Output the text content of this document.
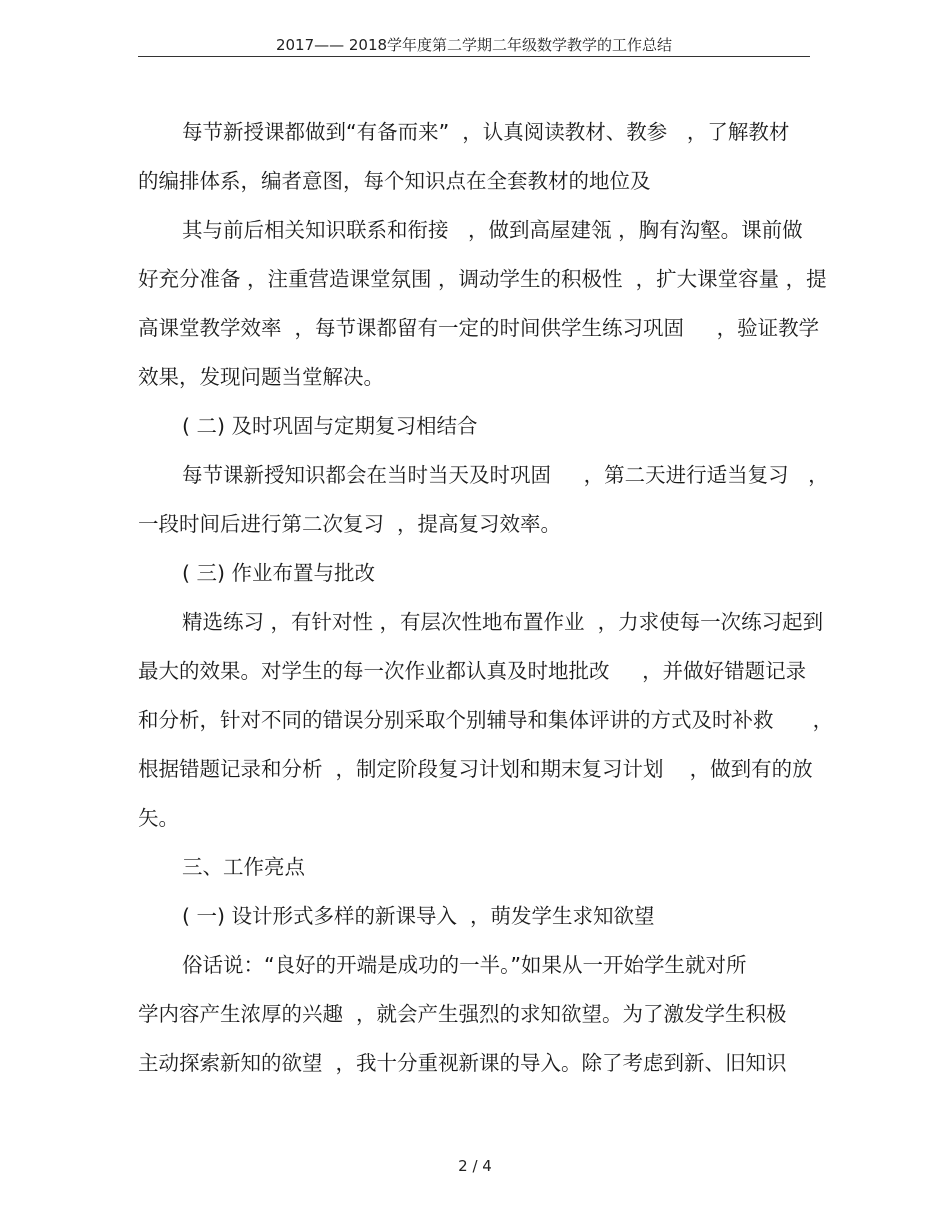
2017—— 2018学年度第二学期二年级数学教学的工作总结
每节新授课都做到“有备而来”  ，认真阅读教材、教参   ，了解教材
的编排体系，编者意图，每个知识点在全套教材的地位及
其与前后相关知识联系和衔接   ，做到高屋建瓴 ，胸有沟壑。课前做
好充分准备 ，注重营造课堂氛围 ，调动学生的积极性  ，扩大课堂容量 ，提
高课堂教学效率  ，每节课都留有一定的时间供学生练习巩固     ，验证教学
效果，发现问题当堂解决。
( 二) 及时巩固与定期复习相结合
每节课新授知识都会在当时当天及时巩固     ，第二天进行适当复习   ，
一段时间后进行第二次复习  ，提高复习效率。
( 三) 作业布置与批改
精选练习 ，有针对性 ，有层次性地布置作业  ，力求使每一次练习起到
最大的效果。对学生的每一次作业都认真及时地批改     ，并做好错题记录
和分析，针对不同的错误分别采取个别辅导和集体评讲的方式及时补救      ，
根据错题记录和分析  ，制定阶段复习计划和期末复习计划    ，做到有的放
矢。
三、工作亮点
( 一) 设计形式多样的新课导入  ，萌发学生求知欲望
俗话说：“良好的开端是成功的一半。”如果从一开始学生就对所
学内容产生浓厚的兴趣  ，就会产生强烈的求知欲望。为了激发学生积极
主动探索新知的欲望  ，我十分重视新课的导入。除了考虑到新、旧知识
2 / 4
